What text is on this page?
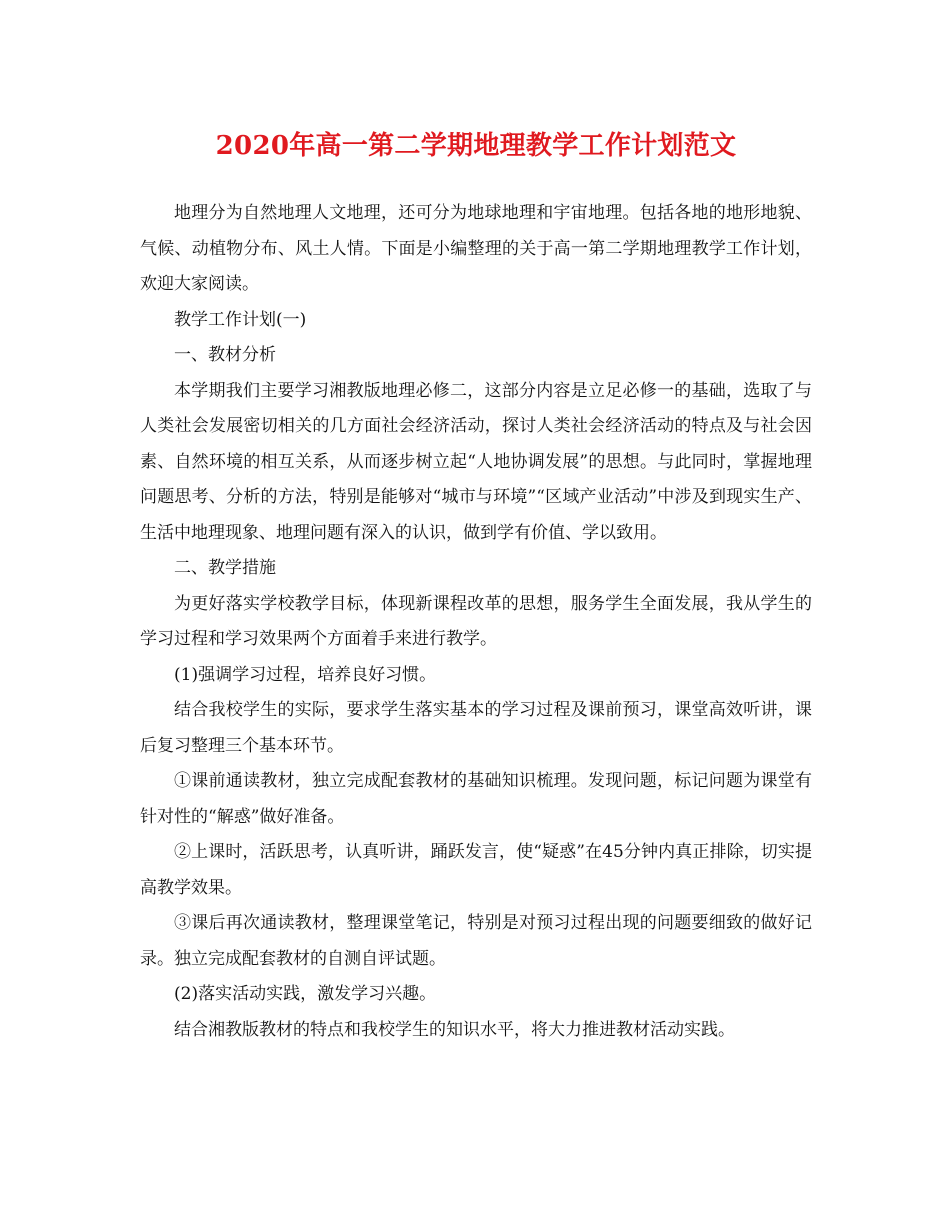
2020年高一第二学期地理教学工作计划范文

地理分为自然地理人文地理，还可分为地球地理和宇宙地理。包括各地的地形地貌、气候、动植物分布、风土人情。下面是小编整理的关于高一第二学期地理教学工作计划，欢迎大家阅读。

教学工作计划(一)

一、教材分析

本学期我们主要学习湘教版地理必修二，这部分内容是立足必修一的基础，选取了与人类社会发展密切相关的几方面社会经济活动，探讨人类社会经济活动的特点及与社会因素、自然环境的相互关系，从而逐步树立起“人地协调发展”的思想。与此同时，掌握地理问题思考、分析的方法，特别是能够对“城市与环境”“区域产业活动”中涉及到现实生产、生活中地理现象、地理问题有深入的认识，做到学有价值、学以致用。

二、教学措施

为更好落实学校教学目标，体现新课程改革的思想，服务学生全面发展，我从学生的学习过程和学习效果两个方面着手来进行教学。

(1)强调学习过程，培养良好习惯。

结合我校学生的实际，要求学生落实基本的学习过程及课前预习，课堂高效听讲，课后复习整理三个基本环节。

①课前通读教材，独立完成配套教材的基础知识梳理。发现问题，标记问题为课堂有针对性的“解惑”做好准备。

②上课时，活跃思考，认真听讲，踊跃发言，使“疑惑”在45分钟内真正排除，切实提高教学效果。

③课后再次通读教材，整理课堂笔记，特别是对预习过程出现的问题要细致的做好记录。独立完成配套教材的自测自评试题。

(2)落实活动实践，激发学习兴趣。

结合湘教版教材的特点和我校学生的知识水平，将大力推进教材活动实践。
